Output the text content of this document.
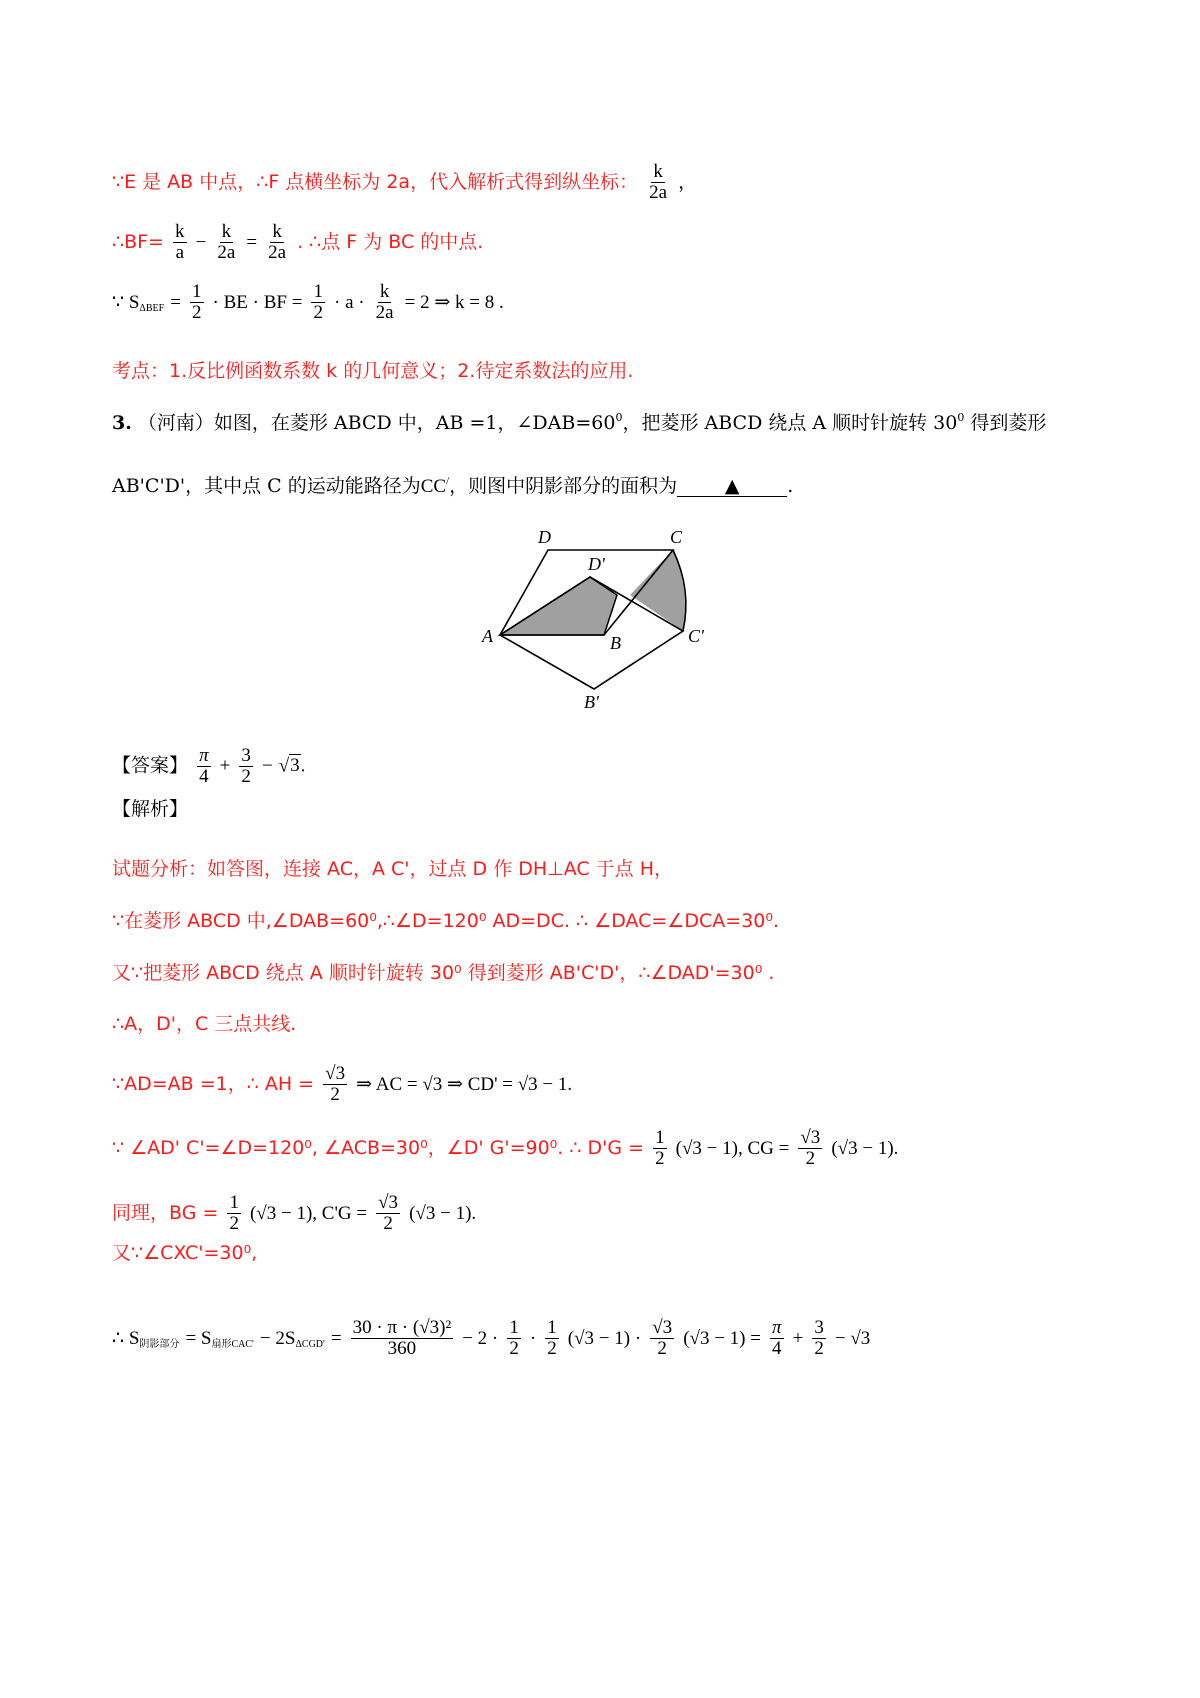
∵E 是 AB 中点，∴F 点横坐标为 2a，代入解析式得到纵坐标： $\frac{k}{2a}$ ，
∴BF= $\frac{k}{a} - \frac{k}{2a} = \frac{k}{2a}$ . ∴点 F 为 BC 的中点.
∵ $S_{\Delta BEF} = \frac{1}{2}$ · BE · BF = $\frac{1}{2} \cdot a \cdot \frac{k}{2a} = 2$ ⇒ k = 8 .
考点：1.反比例函数系数 k 的几何意义；2.待定系数法的应用.
3. （河南）如图，在菱形 ABCD 中，AB =1，$\angle DAB=60^0$，把菱形 ABCD 绕点 A 顺时针旋转 $30^0$ 得到菱形
AB'C'D'，其中点 C 的运动能路径为CC/，则图中阴影部分的面积为	▲	.
D	C
D'
A	B	C'
B'
【答案】 $\frac{\pi}{4} + \frac{3}{2} - √3$.
【解析】
试题分析：如答图，连接 AC，A C'，过点 D 作 DH⊥AC 于点 H，
∵在菱形 ABCD 中,∠DAB=60⁰,∴∠D=120⁰ AD=DC. ∴ ∠DAC=∠DCA=30⁰.
又∵把菱形 ABCD 绕点 A 顺时针旋转 30⁰ 得到菱形 AB'C'D'，∴∠DAD'=30⁰ .
∴A，D'，C 三点共线.
∵AD=AB =1，∴ AH = $\frac{√3}{2}$ ⇒ AC = √3 ⇒ CD' = √3 − 1.
∵ ∠AD' C'=∠D=120⁰, ∠ACB=30⁰，∠D' G'=90⁰. ∴ $D'G = \frac{1}{2} (√3 - 1)$, CG = $\frac{√3}{2} (√3 - 1)$.
同理，BG = $\frac{1}{2} (√3 - 1)$, $C'G = \frac{√3}{2} (√3 - 1)$.
又∵∠CXC'=30⁰,
∴ $S_{阴影部分} = S_{扇形CAC'} - 2S_{\Delta CGD'} = \frac{\text{30 · π · (√3)²}}{360} - 2 \cdot \frac{1}{2} \cdot \frac{1}{2} (√3 - 1) \cdot \frac{√3}{2} (√3 - 1) = \frac{\pi}{4} + \frac{3}{2} - √3$
